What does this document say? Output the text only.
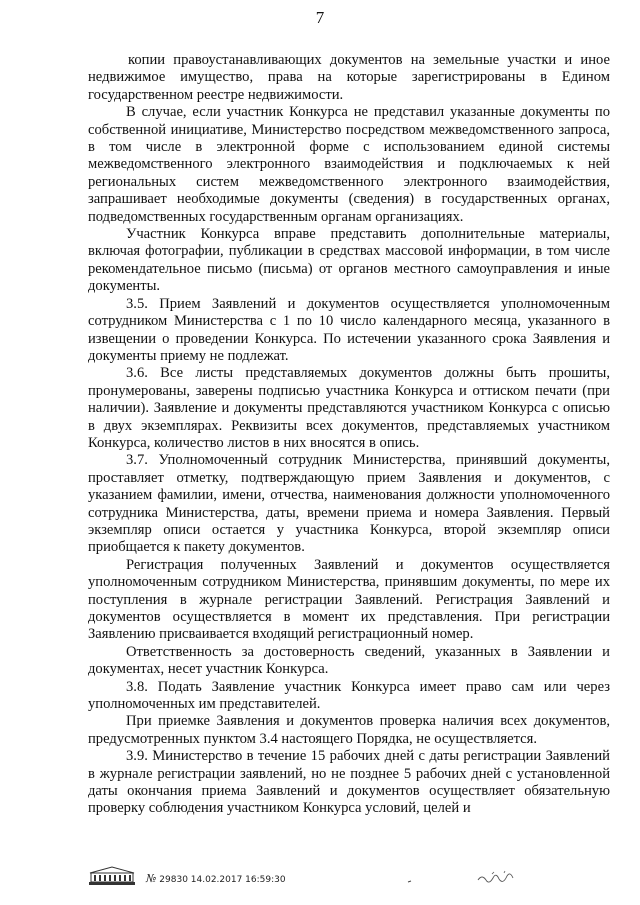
7

копии правоустанавливающих документов на земельные участки и иное недвижимое имущество, права на которые зарегистрированы в Едином государственном реестре недвижимости.

В случае, если участник Конкурса не представил указанные документы по собственной инициативе, Министерство посредством межведомственного запроса, в том числе в электронной форме с использованием единой системы межведомственного электронного взаимодействия и подключаемых к ней региональных систем межведомственного электронного взаимодействия, запрашивает необходимые документы (сведения) в государственных органах, подведомственных государственным органам организациях.

Участник Конкурса вправе представить дополнительные материалы, включая фотографии, публикации в средствах массовой информации, в том числе рекомендательное письмо (письма) от органов местного самоуправления и иные документы.

3.5. Прием Заявлений и документов осуществляется уполномоченным сотрудником Министерства с 1 по 10 число календарного месяца, указанного в извещении о проведении Конкурса. По истечении указанного срока Заявления и документы приему не подлежат.

3.6. Все листы представляемых документов должны быть прошиты, пронумерованы, заверены подписью участника Конкурса и оттиском печати (при наличии). Заявление и документы представляются участником Конкурса с описью в двух экземплярах. Реквизиты всех документов, представляемых участником Конкурса, количество листов в них вносятся в опись.

3.7. Уполномоченный сотрудник Министерства, принявший документы, проставляет отметку, подтверждающую прием Заявления и документов, с указанием фамилии, имени, отчества, наименования должности уполномоченного сотрудника Министерства, даты, времени приема и номера Заявления. Первый экземпляр описи остается у участника Конкурса, второй экземпляр описи приобщается к пакету документов.

Регистрация полученных Заявлений и документов осуществляется уполномоченным сотрудником Министерства, принявшим документы, по мере их поступления в журнале регистрации Заявлений. Регистрация Заявлений и документов осуществляется в момент их представления. При регистрации Заявлению присваивается входящий регистрационный номер.

Ответственность за достоверность сведений, указанных в Заявлении и документах, несет участник Конкурса.

3.8. Подать Заявление участник Конкурса имеет право сам или через уполномоченных им представителей.

При приемке Заявления и документов проверка наличия всех документов, предусмотренных пунктом 3.4 настоящего Порядка, не осуществляется.

3.9. Министерство в течение 15 рабочих дней с даты регистрации Заявлений в журнале регистрации заявлений, но не позднее 5 рабочих дней с установленной даты окончания приема Заявлений и документов осуществляет обязательную проверку соблюдения участником Конкурса условий, целей и

№ 29830 14.02.2017 16:59:30
